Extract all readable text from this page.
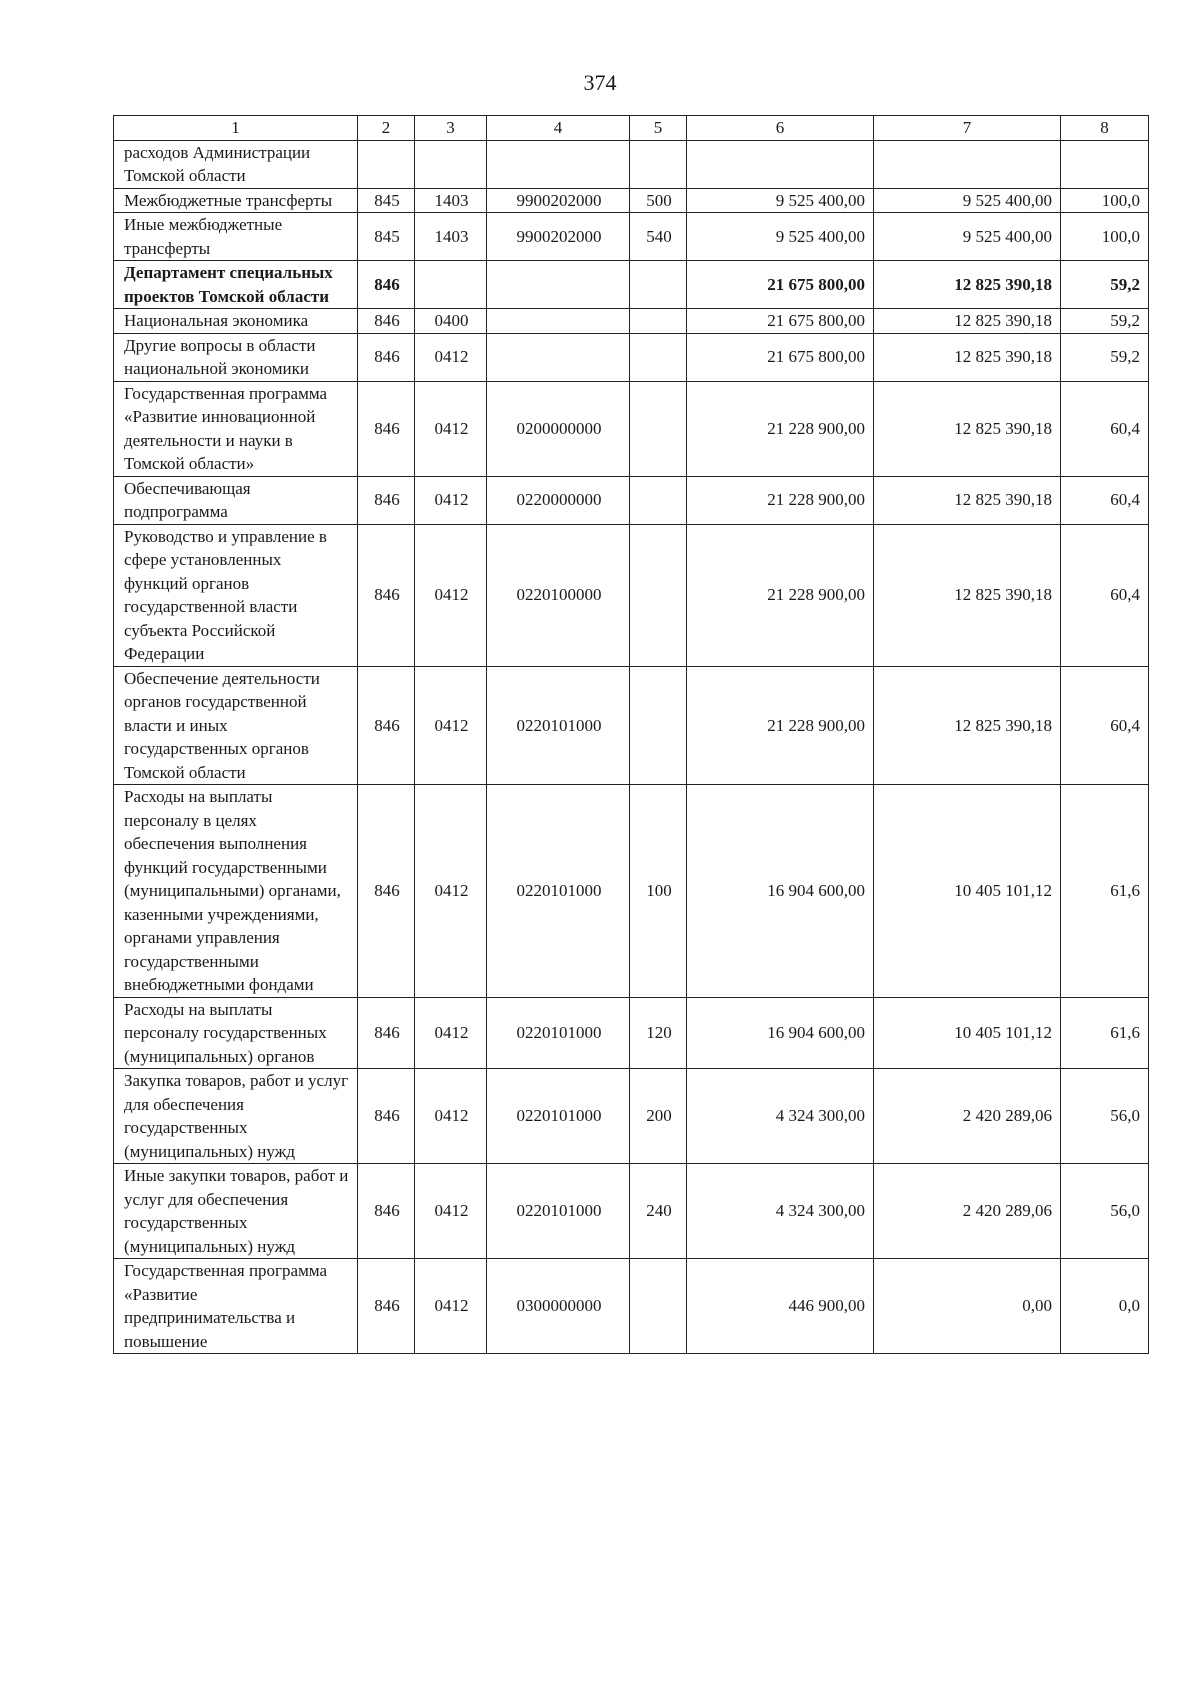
374
1	2	3	4	5	6	7	8
расходов Администрации Томской области							
Межбюджетные трансферты	845	1403	9900202000	500	9 525 400,00	9 525 400,00	100,0
Иные межбюджетные трансферты	845	1403	9900202000	540	9 525 400,00	9 525 400,00	100,0
Департамент специальных проектов Томской области	846				21 675 800,00	12 825 390,18	59,2
Национальная экономика	846	0400			21 675 800,00	12 825 390,18	59,2
Другие вопросы в области национальной экономики	846	0412			21 675 800,00	12 825 390,18	59,2
Государственная программа «Развитие инновационной деятельности и науки в Томской области»	846	0412	0200000000		21 228 900,00	12 825 390,18	60,4
Обеспечивающая подпрограмма	846	0412	0220000000		21 228 900,00	12 825 390,18	60,4
Руководство и управление в сфере установленных функций органов государственной власти субъекта Российской Федерации	846	0412	0220100000		21 228 900,00	12 825 390,18	60,4
Обеспечение деятельности органов государственной власти и иных государственных органов Томской области	846	0412	0220101000		21 228 900,00	12 825 390,18	60,4
Расходы на выплаты персоналу в целях обеспечения выполнения функций государственными (муниципальными) органами, казенными учреждениями, органами управления государственными внебюджетными фондами	846	0412	0220101000	100	16 904 600,00	10 405 101,12	61,6
Расходы на выплаты персоналу государственных (муниципальных) органов	846	0412	0220101000	120	16 904 600,00	10 405 101,12	61,6
Закупка товаров, работ и услуг для обеспечения государственных (муниципальных) нужд	846	0412	0220101000	200	4 324 300,00	2 420 289,06	56,0
Иные закупки товаров, работ и услуг для обеспечения государственных (муниципальных) нужд	846	0412	0220101000	240	4 324 300,00	2 420 289,06	56,0
Государственная программа «Развитие предпринимательства и повышение	846	0412	0300000000		446 900,00	0,00	0,0
